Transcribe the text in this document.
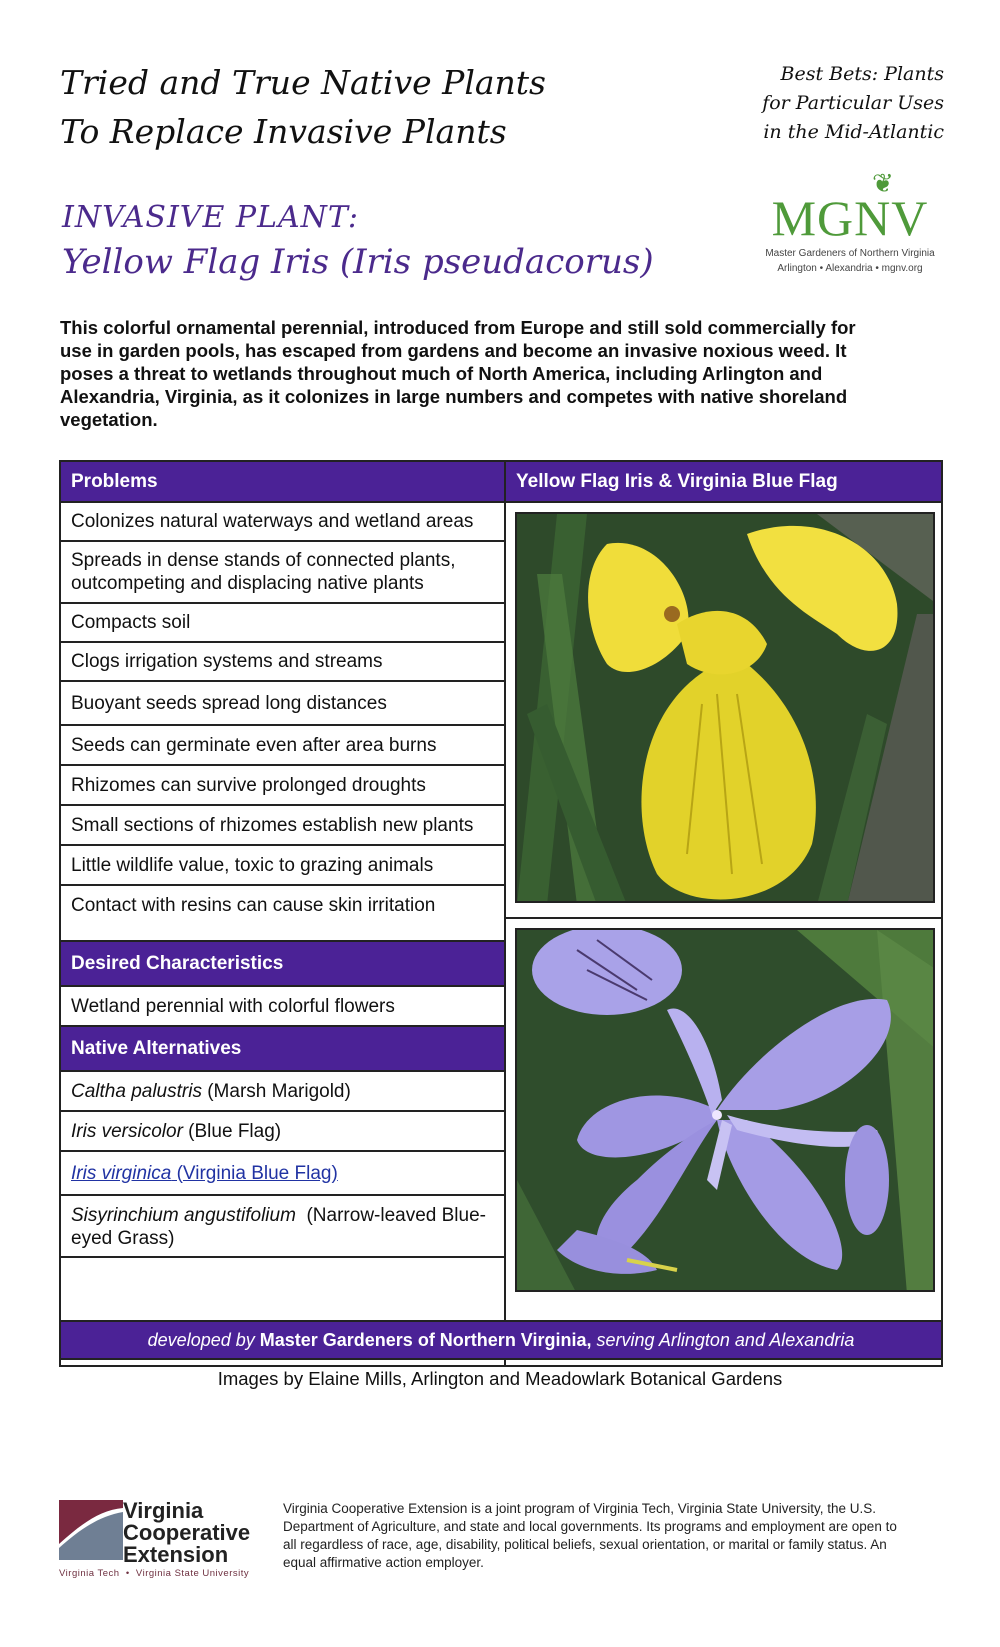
Tried and True Native Plants
To Replace Invasive Plants
Best Bets: Plants
for Particular Uses
in the Mid-Atlantic
INVASIVE PLANT:
Yellow Flag Iris (Iris pseudacorus)
❦
MGNV
Master Gardeners of Northern Virginia
Arlington • Alexandria • mgnv.org
This colorful ornamental perennial, introduced from Europe and still sold commercially for use in garden pools, has escaped from gardens and become an invasive noxious weed. It poses a threat to wetlands throughout much of North America, including Arlington and Alexandria, Virginia, as it colonizes in large numbers and competes with native shoreland vegetation.
Problems
Colonizes natural waterways and wetland areas
Spreads in dense stands of connected plants, outcompeting and displacing native plants
Compacts soil
Clogs irrigation systems and streams
Buoyant seeds spread long distances
Seeds can germinate even after area burns
Rhizomes can survive prolonged droughts
Small sections of rhizomes establish new plants
Little wildlife value, toxic to grazing animals
Contact with resins can cause skin irritation
Desired Characteristics
Wetland perennial with colorful flowers
Native Alternatives
Caltha palustris (Marsh Marigold)
Iris versicolor (Blue Flag)
Iris virginica (Virginia Blue Flag)
Sisyrinchium angustifolium  (Narrow-leaved Blue-eyed Grass)
Yellow Flag Iris & Virginia Blue Flag
developed by Master Gardeners of Northern Virginia, serving Arlington and Alexandria
Images by Elaine Mills, Arlington and Meadowlark Botanical Gardens
Virginia
Cooperative
Extension
Virginia Tech  •  Virginia State University
Virginia Cooperative Extension is a joint program of Virginia Tech, Virginia State University, the U.S. Department of Agriculture, and state and local governments. Its programs and employment are open to all regardless of race, age, disability, political beliefs, sexual orientation, or marital or family status. An equal affirmative action employer.
